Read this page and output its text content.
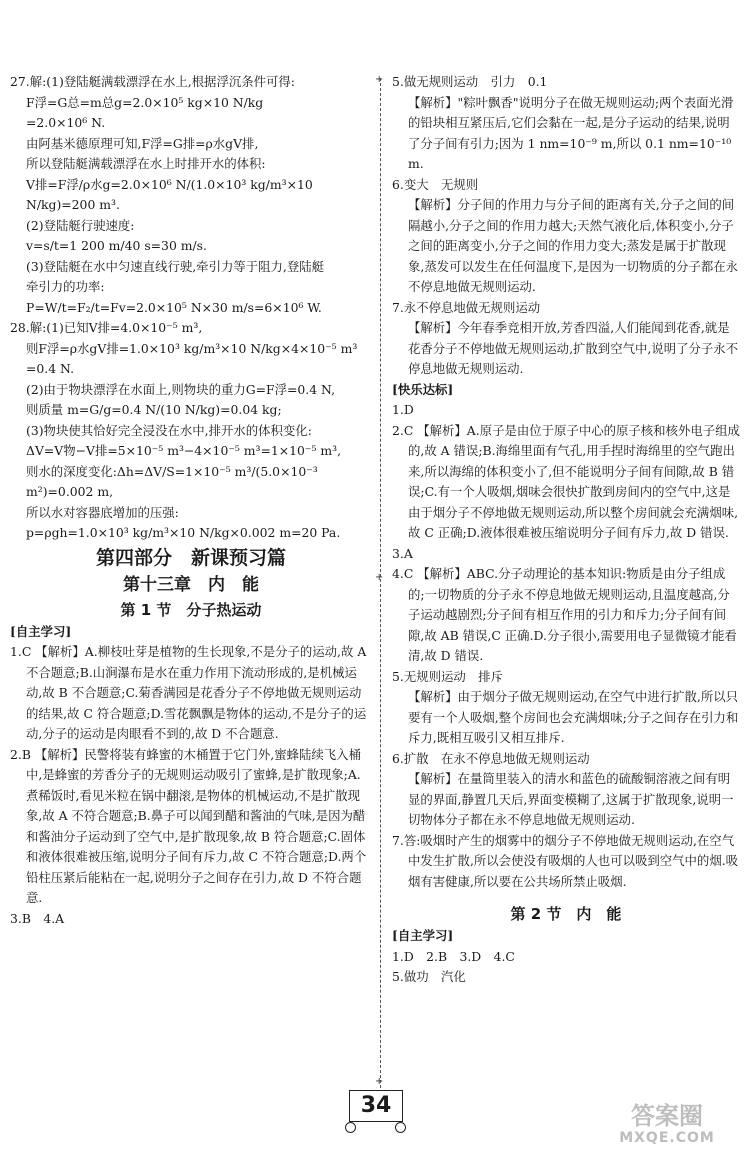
27.解:(1)登陆艇满载漂浮在水上,根据浮沉条件可得:

F浮=G总=m总g=2.0×10⁵ kg×10 N/kg

=2.0×10⁶ N.

由阿基米德原理可知,F浮=G排=ρ水gV排,

所以登陆艇满载漂浮在水上时排开水的体积:

V排=F浮/ρ水g=2.0×10⁶ N/(1.0×10³ kg/m³×10 N/kg)=200 m³.

(2)登陆艇行驶速度:

v=s/t=1 200 m/40 s=30 m/s.

(3)登陆艇在水中匀速直线行驶,牵引力等于阻力,登陆艇

牵引力的功率:

P=W/t=F₂/t=Fv=2.0×10⁵ N×30 m/s=6×10⁶ W.

28.解:(1)已知V排=4.0×10⁻⁵ m³,

则F浮=ρ水gV排=1.0×10³ kg/m³×10 N/kg×4×10⁻⁵ m³

=0.4 N.

(2)由于物块漂浮在水面上,则物块的重力G=F浮=0.4 N,

则质量 m=G/g=0.4 N/(10 N/kg)=0.04 kg;

(3)物块使其恰好完全浸没在水中,排开水的体积变化:

ΔV=V物−V排=5×10⁻⁵ m³−4×10⁻⁵ m³=1×10⁻⁵ m³,

则水的深度变化:Δh=ΔV/S=1×10⁻⁵ m³/(5.0×10⁻³ m²)=0.002 m,

所以水对容器底增加的压强:

p=ρgh=1.0×10³ kg/m³×10 N/kg×0.002 m=20 Pa.

第四部分　新课预习篇

第十三章　内　能

第 1 节　分子热运动

[自主学习]

1.C 【解析】A.柳枝吐芽是植物的生长现象,不是分子的运动,故 A 不合题意;B.山涧瀑布是水在重力作用下流动形成的,是机械运动,故 B 不合题意;C.菊香满园是花香分子不停地做无规则运动的结果,故 C 符合题意;D.雪花飘飘是物体的运动,不是分子的运动,分子的运动是肉眼看不到的,故 D 不合题意.

2.B 【解析】民警将装有蜂蜜的木桶置于它门外,蜜蜂陆续飞入桶中,是蜂蜜的芳香分子的无规则运动吸引了蜜蜂,是扩散现象;A.煮稀饭时,看见米粒在锅中翻滚,是物体的机械运动,不是扩散现象,故 A 不符合题意;B.鼻子可以闻到醋和酱油的气味,是因为醋和酱油分子运动到了空气中,是扩散现象,故 B 符合题意;C.固体和液体很难被压缩,说明分子间有斥力,故 C 不符合题意;D.两个铅柱压紧后能粘在一起,说明分子之间存在引力,故 D 不符合题意.

3.B　4.A

+
+
+

5.做无规则运动　引力　0.1

【解析】"粽叶飘香"说明分子在做无规则运动;两个表面光滑的铅块相互紧压后,它们会黏在一起,是分子运动的结果,说明了分子间有引力;因为 1 nm=10⁻⁹ m,所以 0.1 nm=10⁻¹⁰ m.

6.变大　无规则

【解析】分子间的作用力与分子间的距离有关,分子之间的间隔越小,分子之间的作用力越大;天然气液化后,体积变小,分子之间的距离变小,分子之间的作用力变大;蒸发是属于扩散现象,蒸发可以发生在任何温度下,是因为一切物质的分子都在永不停息地做无规则运动.

7.永不停息地做无规则运动

【解析】今年春季竞相开放,芳香四溢,人们能闻到花香,就是花香分子不停地做无规则运动,扩散到空气中,说明了分子永不停息地做无规则运动.

[快乐达标]

1.D

2.C 【解析】A.原子是由位于原子中心的原子核和核外电子组成的,故 A 错误;B.海绵里面有气孔,用手捏时海绵里的空气跑出来,所以海绵的体积变小了,但不能说明分子间有间隙,故 B 错误;C.有一个人吸烟,烟味会很快扩散到房间内的空气中,这是由于烟分子不停地做无规则运动,所以整个房间就会充满烟味,故 C 正确;D.液体很难被压缩说明分子间有斥力,故 D 错误.

3.A

4.C 【解析】ABC.分子动理论的基本知识:物质是由分子组成的;一切物质的分子永不停息地做无规则运动,且温度越高,分子运动越剧烈;分子间有相互作用的引力和斥力;分子间有间隙,故 AB 错误,C 正确.D.分子很小,需要用电子显微镜才能看清,故 D 错误.

5.无规则运动　排斥

【解析】由于烟分子做无规则运动,在空气中进行扩散,所以只要有一个人吸烟,整个房间也会充满烟味;分子之间存在引力和斥力,既相互吸引又相互排斥.

6.扩散　在永不停息地做无规则运动

【解析】在量筒里装入的清水和蓝色的硫酸铜溶液之间有明显的界面,静置几天后,界面变模糊了,这属于扩散现象,说明一切物体分子都在永不停息地做无规则运动.

7.答:吸烟时产生的烟雾中的烟分子不停地做无规则运动,在空气中发生扩散,所以会使没有吸烟的人也可以吸到空气中的烟.吸烟有害健康,所以要在公共场所禁止吸烟.

第 2 节　内　能

[自主学习]

1.D　2.B　3.D　4.C

5.做功　汽化

34	答案圈
MXQE.COM
